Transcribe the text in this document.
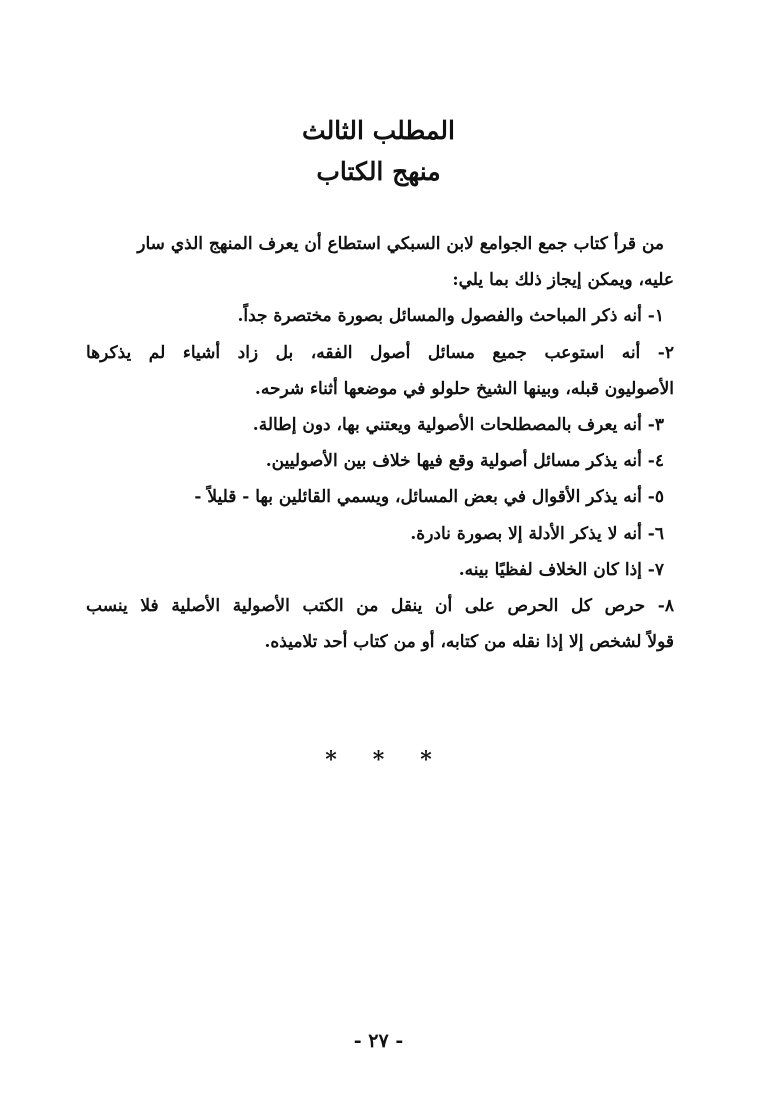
المطلب الثالث
منهج الكتاب
من قرأ كتاب جمع الجوامع لابن السبكي استطاع أن يعرف المنهج الذي سار
عليه، ويمكن إيجاز ذلك بما يلي:
١- أنه ذكر المباحث والفصول والمسائل بصورة مختصرة جداً.
٢- أنه استوعب جميع مسائل أصول الفقه، بل زاد أشياء لم يذكرها
الأصوليون قبله، وبينها الشيخ حلولو في موضعها أثناء شرحه.
٣- أنه يعرف بالمصطلحات الأصولية ويعتني بها، دون إطالة.
٤- أنه يذكر مسائل أصولية وقع فيها خلاف بين الأصوليين.
٥- أنه يذكر الأقوال في بعض المسائل، ويسمي القائلين بها - قليلاً -
٦- أنه لا يذكر الأدلة إلا بصورة نادرة.
٧- إذا كان الخلاف لفظيًا بينه.
٨- حرص كل الحرص على أن ينقل من الكتب الأصولية الأصلية فلا ينسب
قولاً لشخص إلا إذا نقله من كتابه، أو من كتاب أحد تلاميذه.
***
- ٢٧ -
